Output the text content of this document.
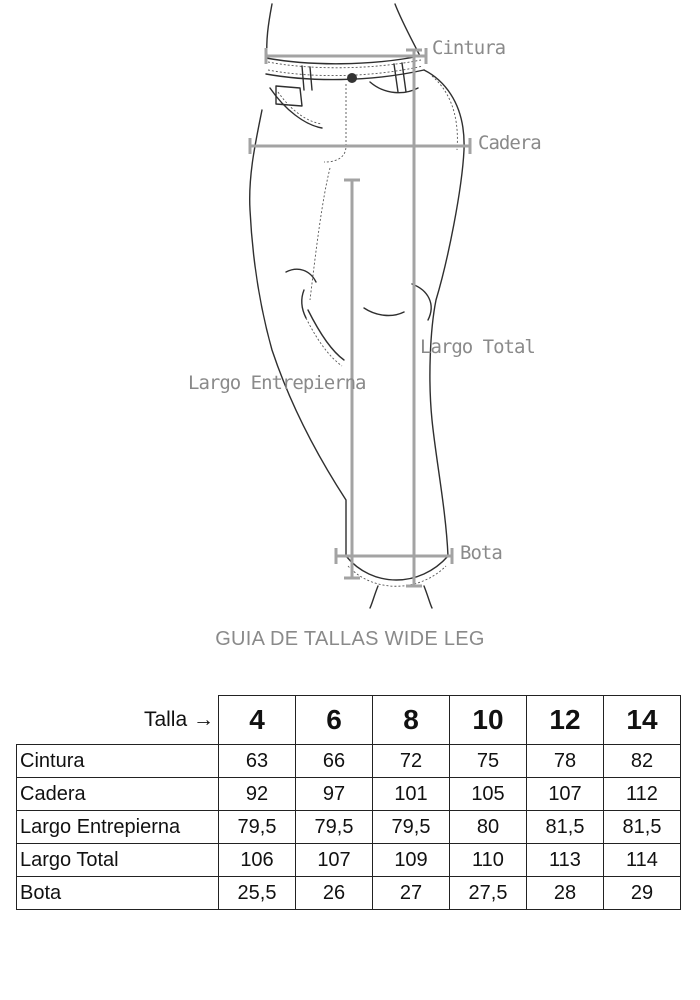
Cintura
Cadera
Largo Total
Largo Entrepierna
Bota
GUIA DE TALLAS WIDE LEG
Talla →	4	6	8	10	12	14
Cintura	63	66	72	75	78	82
Cadera	92	97	101	105	107	112
Largo Entrepierna	79,5	79,5	79,5	80	81,5	81,5
Largo Total	106	107	109	110	113	114
Bota	25,5	26	27	27,5	28	29
